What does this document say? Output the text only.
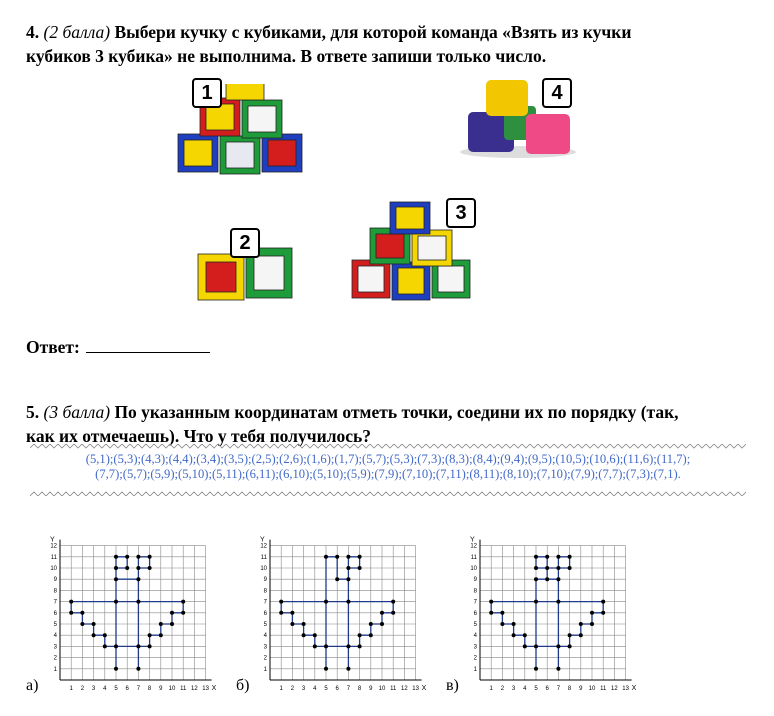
4. (2 балла) Выбери кучку с кубиками, для которой команда «Взять из кучки
кубиков 3 кубика» не выполнима. В ответе запиши только число.
1	4
2
3
Ответ:
5. (3 балла) По указанным координатам отметь точки, соедини их по порядку (так,
как их отмечаешь). Что у тебя получилось?
(5,1);(5,3);(4,3);(4,4);(3,4);(3,5);(2,5);(2,6);(1,6);(1,7);(5,7);(5,3);(7,3);(8,3);(8,4);(9,4);(9,5);(10,5);(10,6);(11,6);(11,7);
(7,7);(5,7);(5,9);(5,10);(5,11);(6,11);(6,10);(5,10);(5,9);(7,9);(7,10);(7,11);(8,11);(8,10);(7,10);(7,9);(7,7);(7,3);(7,1).
1 2 3 4 5 6 7 8 9 10 11 12 13
1
2
3
4
5
6
7
8
9
10
11
12
X
Y
1 2 3 4 5 6 7 8 9 10 11 12 13
1
2
3
4
5
6
7
8
9
10
11
12
X
Y
1 2 3 4 5 6 7 8 9 10 11 12 13
1
2
3
4
5
6
7
8
9
10
11
12
X
Y
а)	б)	в)
